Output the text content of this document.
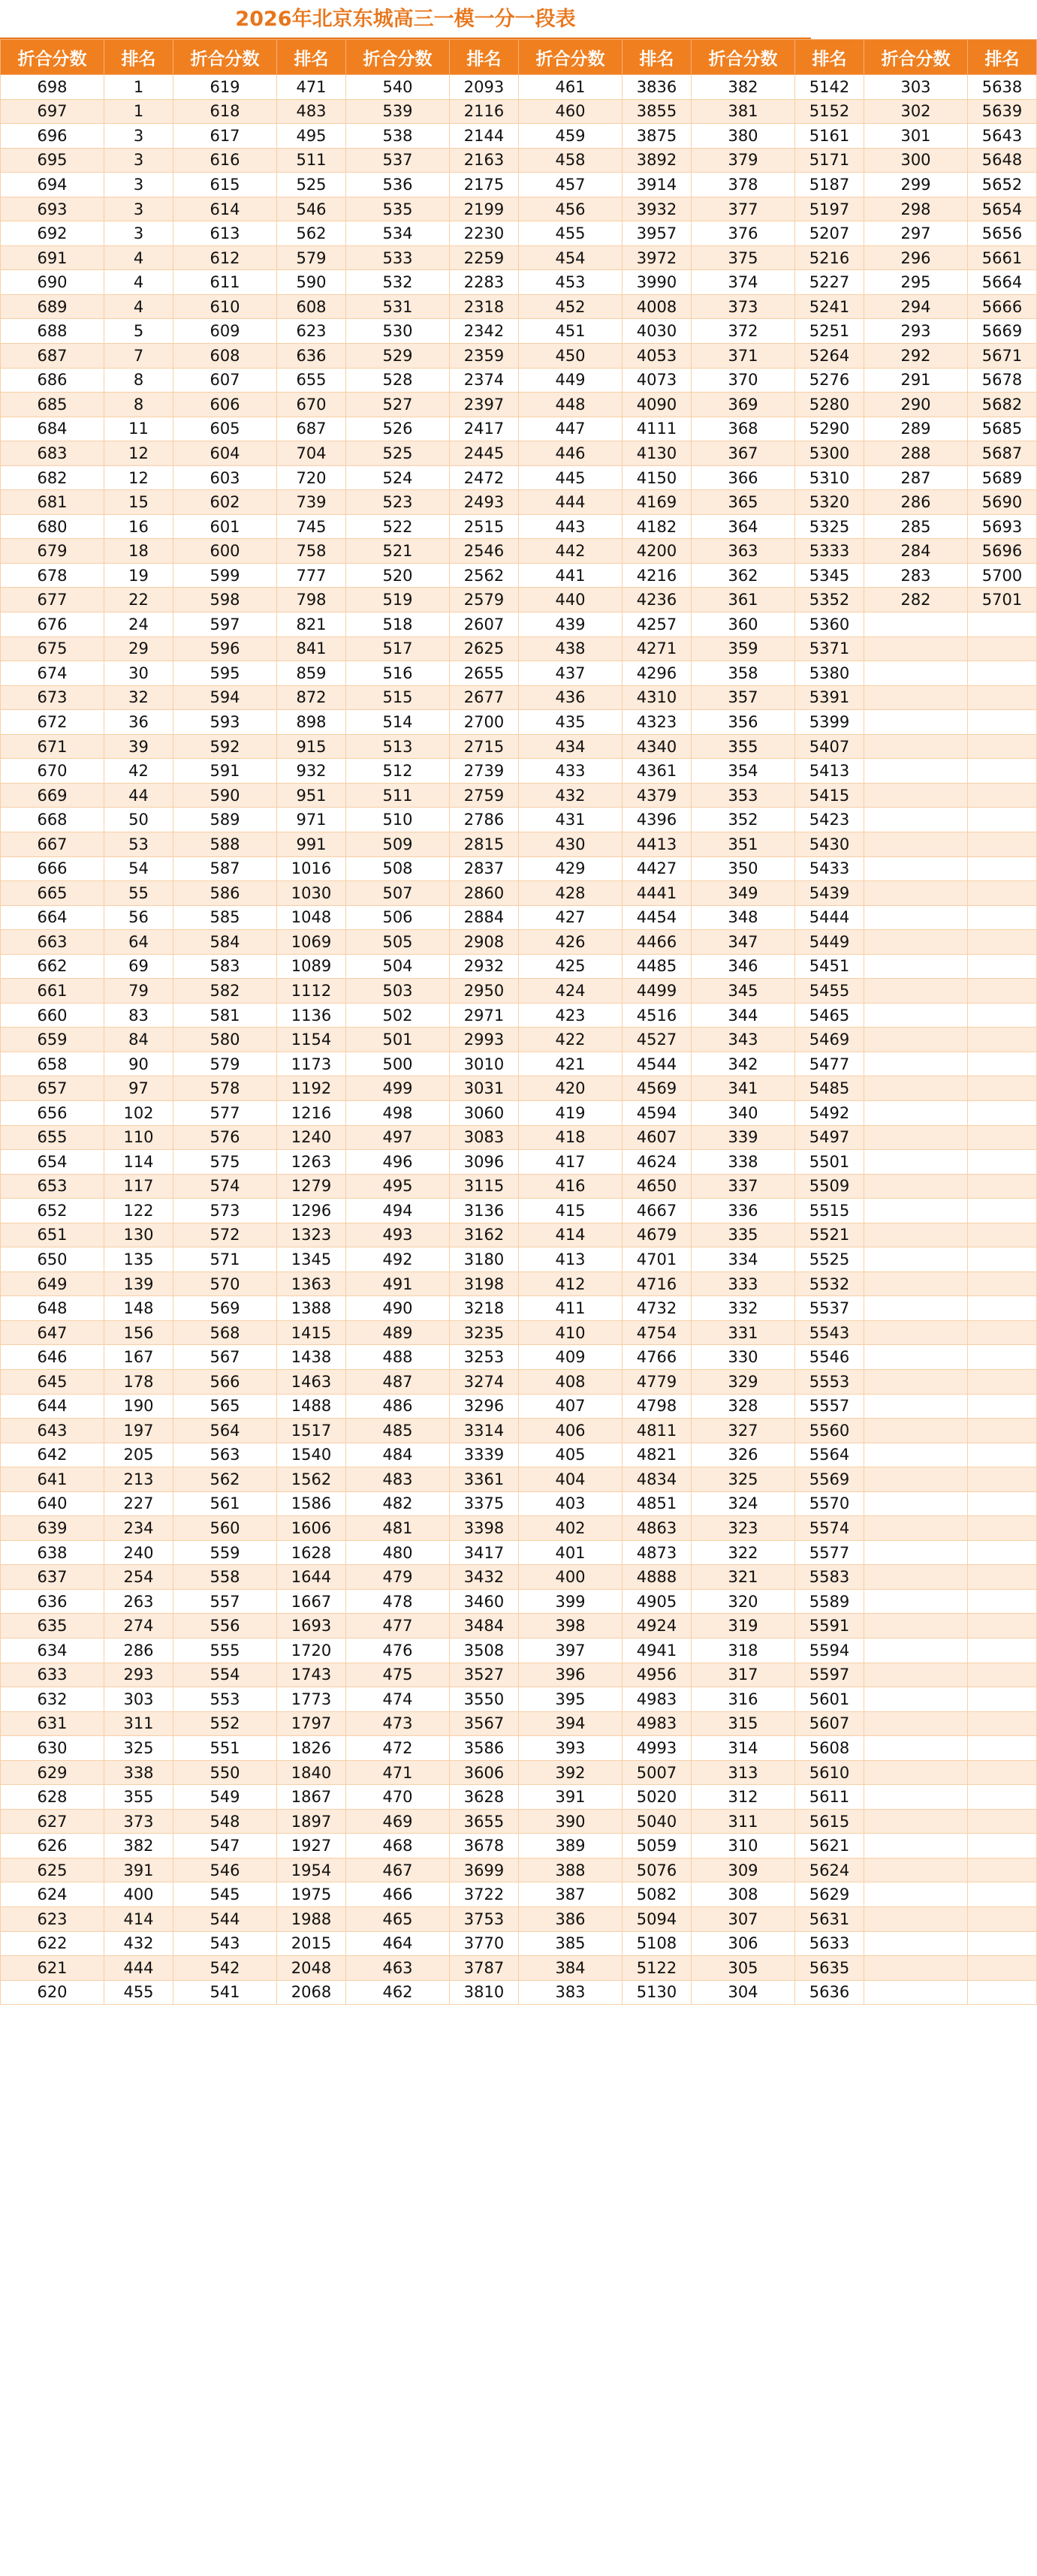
2026年北京东城高三一模一分一段表
折合分数	排名	折合分数	排名	折合分数	排名	折合分数	排名	折合分数	排名	折合分数	排名
698	1	619	471	540	2093	461	3836	382	5142	303	5638
697	1	618	483	539	2116	460	3855	381	5152	302	5639
696	3	617	495	538	2144	459	3875	380	5161	301	5643
695	3	616	511	537	2163	458	3892	379	5171	300	5648
694	3	615	525	536	2175	457	3914	378	5187	299	5652
693	3	614	546	535	2199	456	3932	377	5197	298	5654
692	3	613	562	534	2230	455	3957	376	5207	297	5656
691	4	612	579	533	2259	454	3972	375	5216	296	5661
690	4	611	590	532	2283	453	3990	374	5227	295	5664
689	4	610	608	531	2318	452	4008	373	5241	294	5666
688	5	609	623	530	2342	451	4030	372	5251	293	5669
687	7	608	636	529	2359	450	4053	371	5264	292	5671
686	8	607	655	528	2374	449	4073	370	5276	291	5678
685	8	606	670	527	2397	448	4090	369	5280	290	5682
684	11	605	687	526	2417	447	4111	368	5290	289	5685
683	12	604	704	525	2445	446	4130	367	5300	288	5687
682	12	603	720	524	2472	445	4150	366	5310	287	5689
681	15	602	739	523	2493	444	4169	365	5320	286	5690
680	16	601	745	522	2515	443	4182	364	5325	285	5693
679	18	600	758	521	2546	442	4200	363	5333	284	5696
678	19	599	777	520	2562	441	4216	362	5345	283	5700
677	22	598	798	519	2579	440	4236	361	5352	282	5701
676	24	597	821	518	2607	439	4257	360	5360		
675	29	596	841	517	2625	438	4271	359	5371		
674	30	595	859	516	2655	437	4296	358	5380		
673	32	594	872	515	2677	436	4310	357	5391		
672	36	593	898	514	2700	435	4323	356	5399		
671	39	592	915	513	2715	434	4340	355	5407		
670	42	591	932	512	2739	433	4361	354	5413		
669	44	590	951	511	2759	432	4379	353	5415		
668	50	589	971	510	2786	431	4396	352	5423		
667	53	588	991	509	2815	430	4413	351	5430		
666	54	587	1016	508	2837	429	4427	350	5433		
665	55	586	1030	507	2860	428	4441	349	5439		
664	56	585	1048	506	2884	427	4454	348	5444		
663	64	584	1069	505	2908	426	4466	347	5449		
662	69	583	1089	504	2932	425	4485	346	5451		
661	79	582	1112	503	2950	424	4499	345	5455		
660	83	581	1136	502	2971	423	4516	344	5465		
659	84	580	1154	501	2993	422	4527	343	5469		
658	90	579	1173	500	3010	421	4544	342	5477		
657	97	578	1192	499	3031	420	4569	341	5485		
656	102	577	1216	498	3060	419	4594	340	5492		
655	110	576	1240	497	3083	418	4607	339	5497		
654	114	575	1263	496	3096	417	4624	338	5501		
653	117	574	1279	495	3115	416	4650	337	5509		
652	122	573	1296	494	3136	415	4667	336	5515		
651	130	572	1323	493	3162	414	4679	335	5521		
650	135	571	1345	492	3180	413	4701	334	5525		
649	139	570	1363	491	3198	412	4716	333	5532		
648	148	569	1388	490	3218	411	4732	332	5537		
647	156	568	1415	489	3235	410	4754	331	5543		
646	167	567	1438	488	3253	409	4766	330	5546		
645	178	566	1463	487	3274	408	4779	329	5553		
644	190	565	1488	486	3296	407	4798	328	5557		
643	197	564	1517	485	3314	406	4811	327	5560		
642	205	563	1540	484	3339	405	4821	326	5564		
641	213	562	1562	483	3361	404	4834	325	5569		
640	227	561	1586	482	3375	403	4851	324	5570		
639	234	560	1606	481	3398	402	4863	323	5574		
638	240	559	1628	480	3417	401	4873	322	5577		
637	254	558	1644	479	3432	400	4888	321	5583		
636	263	557	1667	478	3460	399	4905	320	5589		
635	274	556	1693	477	3484	398	4924	319	5591		
634	286	555	1720	476	3508	397	4941	318	5594		
633	293	554	1743	475	3527	396	4956	317	5597		
632	303	553	1773	474	3550	395	4983	316	5601		
631	311	552	1797	473	3567	394	4983	315	5607		
630	325	551	1826	472	3586	393	4993	314	5608		
629	338	550	1840	471	3606	392	5007	313	5610		
628	355	549	1867	470	3628	391	5020	312	5611		
627	373	548	1897	469	3655	390	5040	311	5615		
626	382	547	1927	468	3678	389	5059	310	5621		
625	391	546	1954	467	3699	388	5076	309	5624		
624	400	545	1975	466	3722	387	5082	308	5629		
623	414	544	1988	465	3753	386	5094	307	5631		
622	432	543	2015	464	3770	385	5108	306	5633		
621	444	542	2048	463	3787	384	5122	305	5635		
620	455	541	2068	462	3810	383	5130	304	5636		
